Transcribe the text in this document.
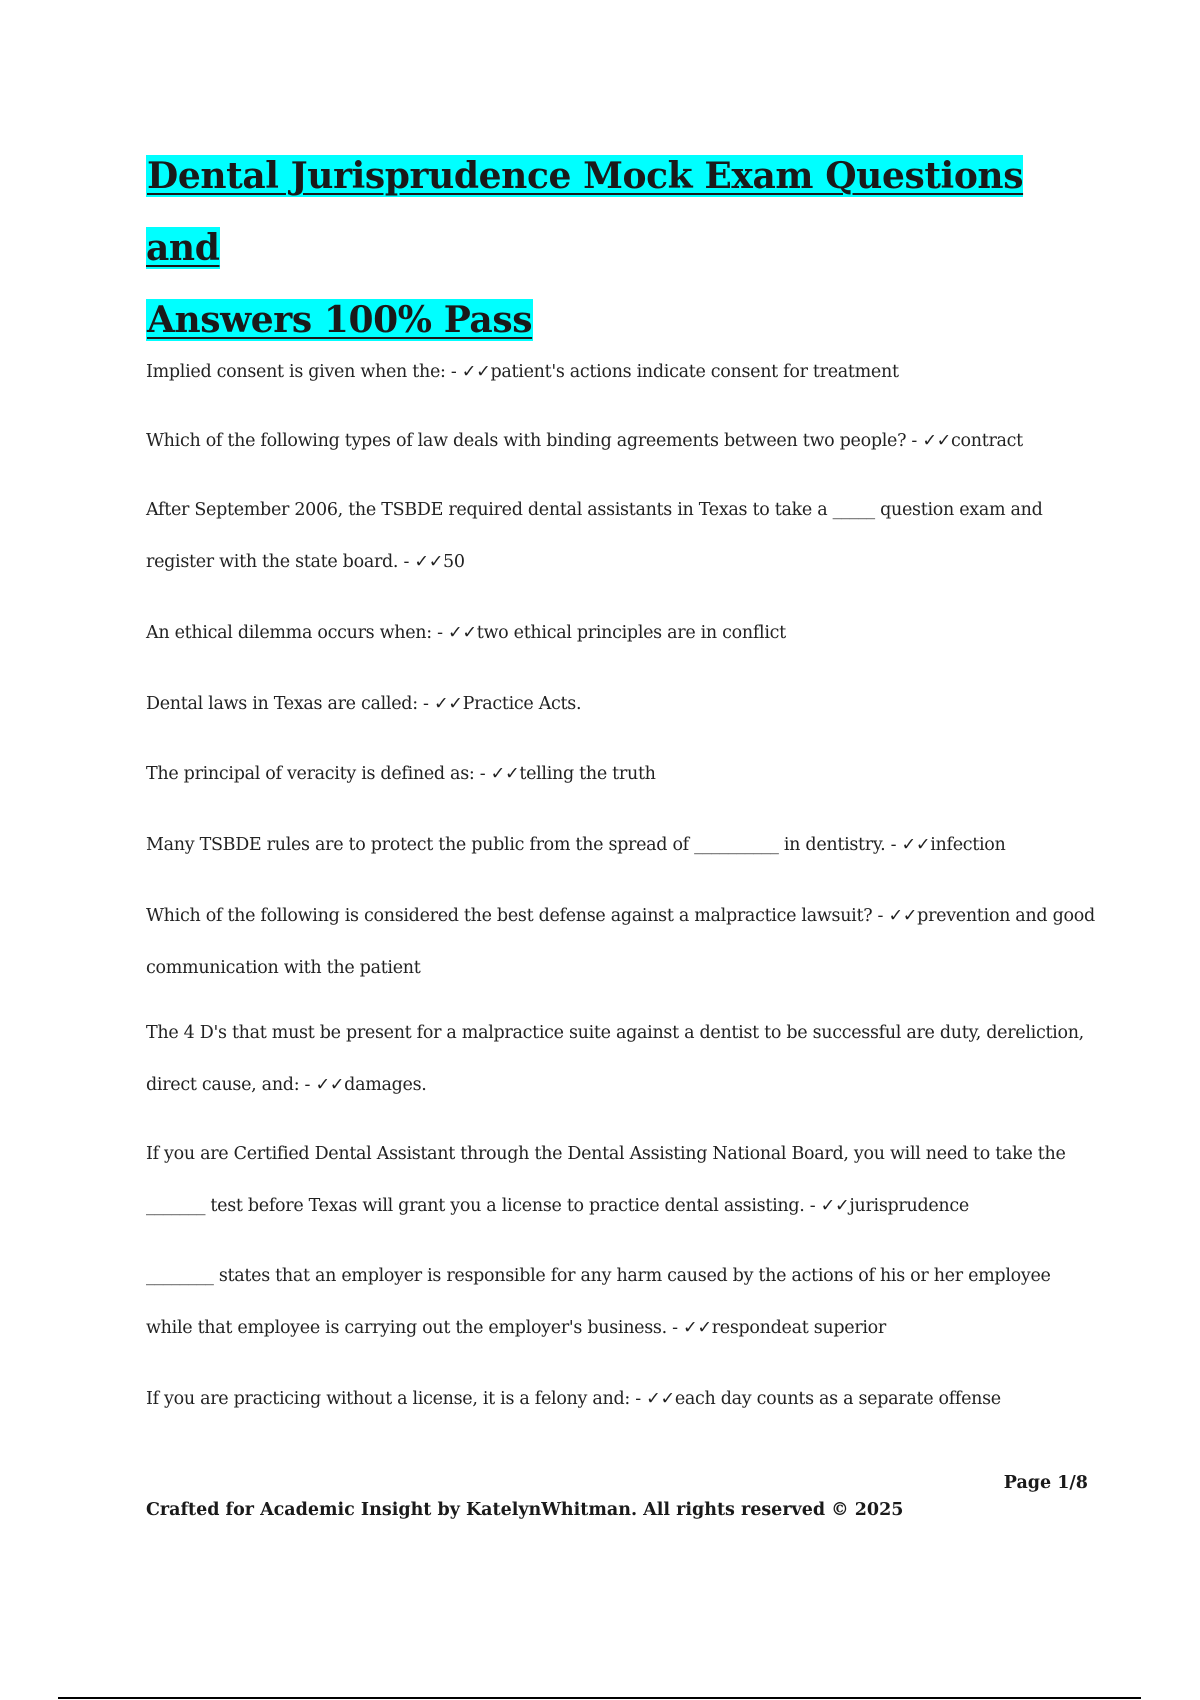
Dental Jurisprudence Mock Exam Questions and
Answers 100% Pass

Implied consent is given when the: - ✓✓patient's actions indicate consent for treatment

Which of the following types of law deals with binding agreements between two people? - ✓✓contract

After September 2006, the TSBDE required dental assistants in Texas to take a _____ question exam and register with the state board. - ✓✓50

An ethical dilemma occurs when: - ✓✓two ethical principles are in conflict

Dental laws in Texas are called: - ✓✓Practice Acts.

The principal of veracity is defined as: - ✓✓telling the truth

Many TSBDE rules are to protect the public from the spread of __________ in dentistry. - ✓✓infection

Which of the following is considered the best defense against a malpractice lawsuit? - ✓✓prevention and good communication with the patient

The 4 D's that must be present for a malpractice suite against a dentist to be successful are duty, dereliction, direct cause, and: - ✓✓damages.

If you are Certified Dental Assistant through the Dental Assisting National Board, you will need to take the _______ test before Texas will grant you a license to practice dental assisting. - ✓✓jurisprudence

________ states that an employer is responsible for any harm caused by the actions of his or her employee while that employee is carrying out the employer's business. - ✓✓respondeat superior

If you are practicing without a license, it is a felony and: - ✓✓each day counts as a separate offense

Page 1/8
Crafted for Academic Insight by KatelynWhitman. All rights reserved © 2025
